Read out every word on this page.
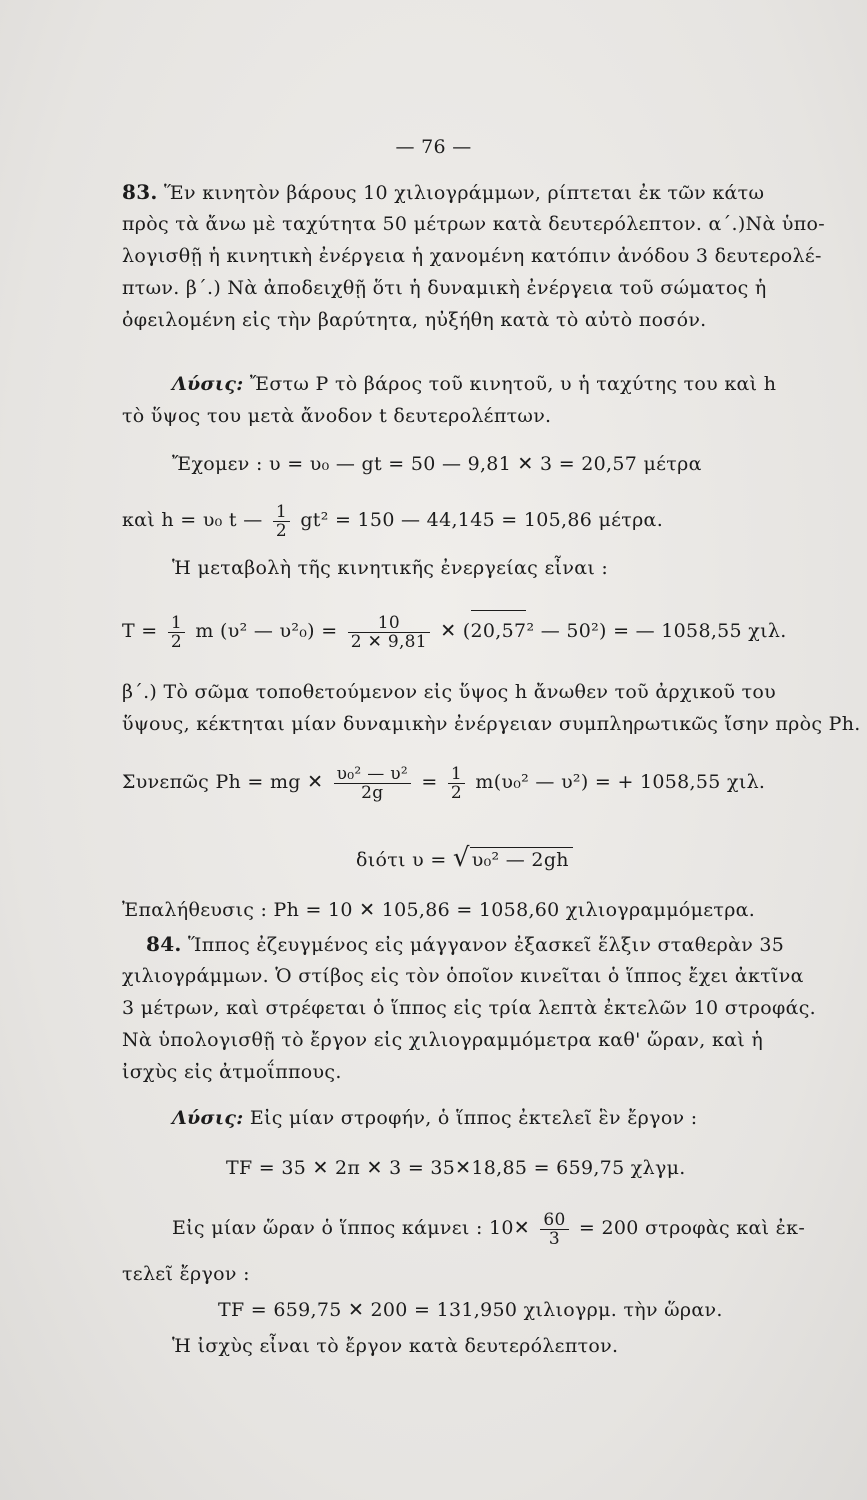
— 76 —
83. Ἕν κινητὸν βάρους 10 χιλιογράμμων, ρίπτεται ἐκ τῶν κάτω
πρὸς τὰ ἄνω μὲ ταχύτητα 50 μέτρων κατὰ δευτερόλεπτον. α΄.)Νὰ ὑπο-
λογισθῇ ἡ κινητικὴ ἐνέργεια ἡ χανομένη κατόπιν ἀνόδου 3 δευτερολέ-
πτων. β΄.) Νὰ ἀποδειχθῇ ὅτι ἡ δυναμικὴ ἐνέργεια τοῦ σώματος ἡ
ὀφειλομένη εἰς τὴν βαρύτητα, ηὐξήθη κατὰ τὸ αὐτὸ ποσόν.
Λύσις: Ἔστω P τὸ βάρος τοῦ κινητοῦ, υ ἡ ταχύτης του καὶ h
τὸ ὕψος του μετὰ ἄνοδον t δευτερολέπτων.
Ἔχομεν : υ = υ₀ — gt = 50 — 9,81 ✕ 3 = 20,57 μέτρα
καὶ h = υ₀ t — $\frac{1}{2} gt^2 = 150$ — 44,145 = 105,86 μέτρα.
Ἡ μεταβολὴ τῆς κινητικῆς ἐνεργείας εἶναι :
$T = \frac{1}{2}$ m (υ² — $\upsilon^2_0) = \frac{10}{2 ✕ 9,81}$ ✕ (20,57² — 50²) = — 1058,55 χιλ.
β΄.) Τὸ σῶμα τοποθετούμενον εἰς ὕψος h ἄνωθεν τοῦ ἀρχικοῦ του
ὕψους, κέκτηται μίαν δυναμικὴν ἐνέργειαν συμπληρωτικῶς ἴσην πρὸς Ph.
Συνεπῶς Ph = mg ✕ $\frac{\text{υ₀² — υ²}}{2g} = \frac{1}{2} m(\upsilon_0^2$ — υ²) = + 1058,55 χιλ.
διότι υ = √ υ₀² — 2gh
Ἐπαλήθευσις : Ph = 10 ✕ 105,86 = 1058,60 χιλιογραμμόμετρα.
84. Ἵππος ἐζευγμένος εἰς μάγγανον ἐξασκεῖ ἕλξιν σταθερὰν 35
χιλιογράμμων. Ὁ στίβος εἰς τὸν ὁποῖον κινεῖται ὁ ἵππος ἔχει ἀκτῖνα
3 μέτρων, καὶ στρέφεται ὁ ἵππος εἰς τρία λεπτὰ ἐκτελῶν 10 στροφάς.
Νὰ ὑπολογισθῇ τὸ ἔργον εἰς χιλιογραμμόμετρα καθ' ὥραν, καὶ ἡ
ἰσχὺς εἰς ἀτμοΐππους.
Λύσις: Εἰς μίαν στροφήν, ὁ ἵππος ἐκτελεῖ ἓν ἔργον :
TF = 35 ✕ 2π ✕ 3 = 35✕18,85 = 659,75 χλγμ.
Εἰς μίαν ὥραν ὁ ἵππος κάμνει : 10✕ $\frac{60}{3} = 200$ στροφὰς καὶ ἐκ-
τελεῖ ἔργον :
TF = 659,75 ✕ 200 = 131,950 χιλιογρμ. τὴν ὥραν.
Ἡ ἰσχὺς εἶναι τὸ ἔργον κατὰ δευτερόλεπτον.
